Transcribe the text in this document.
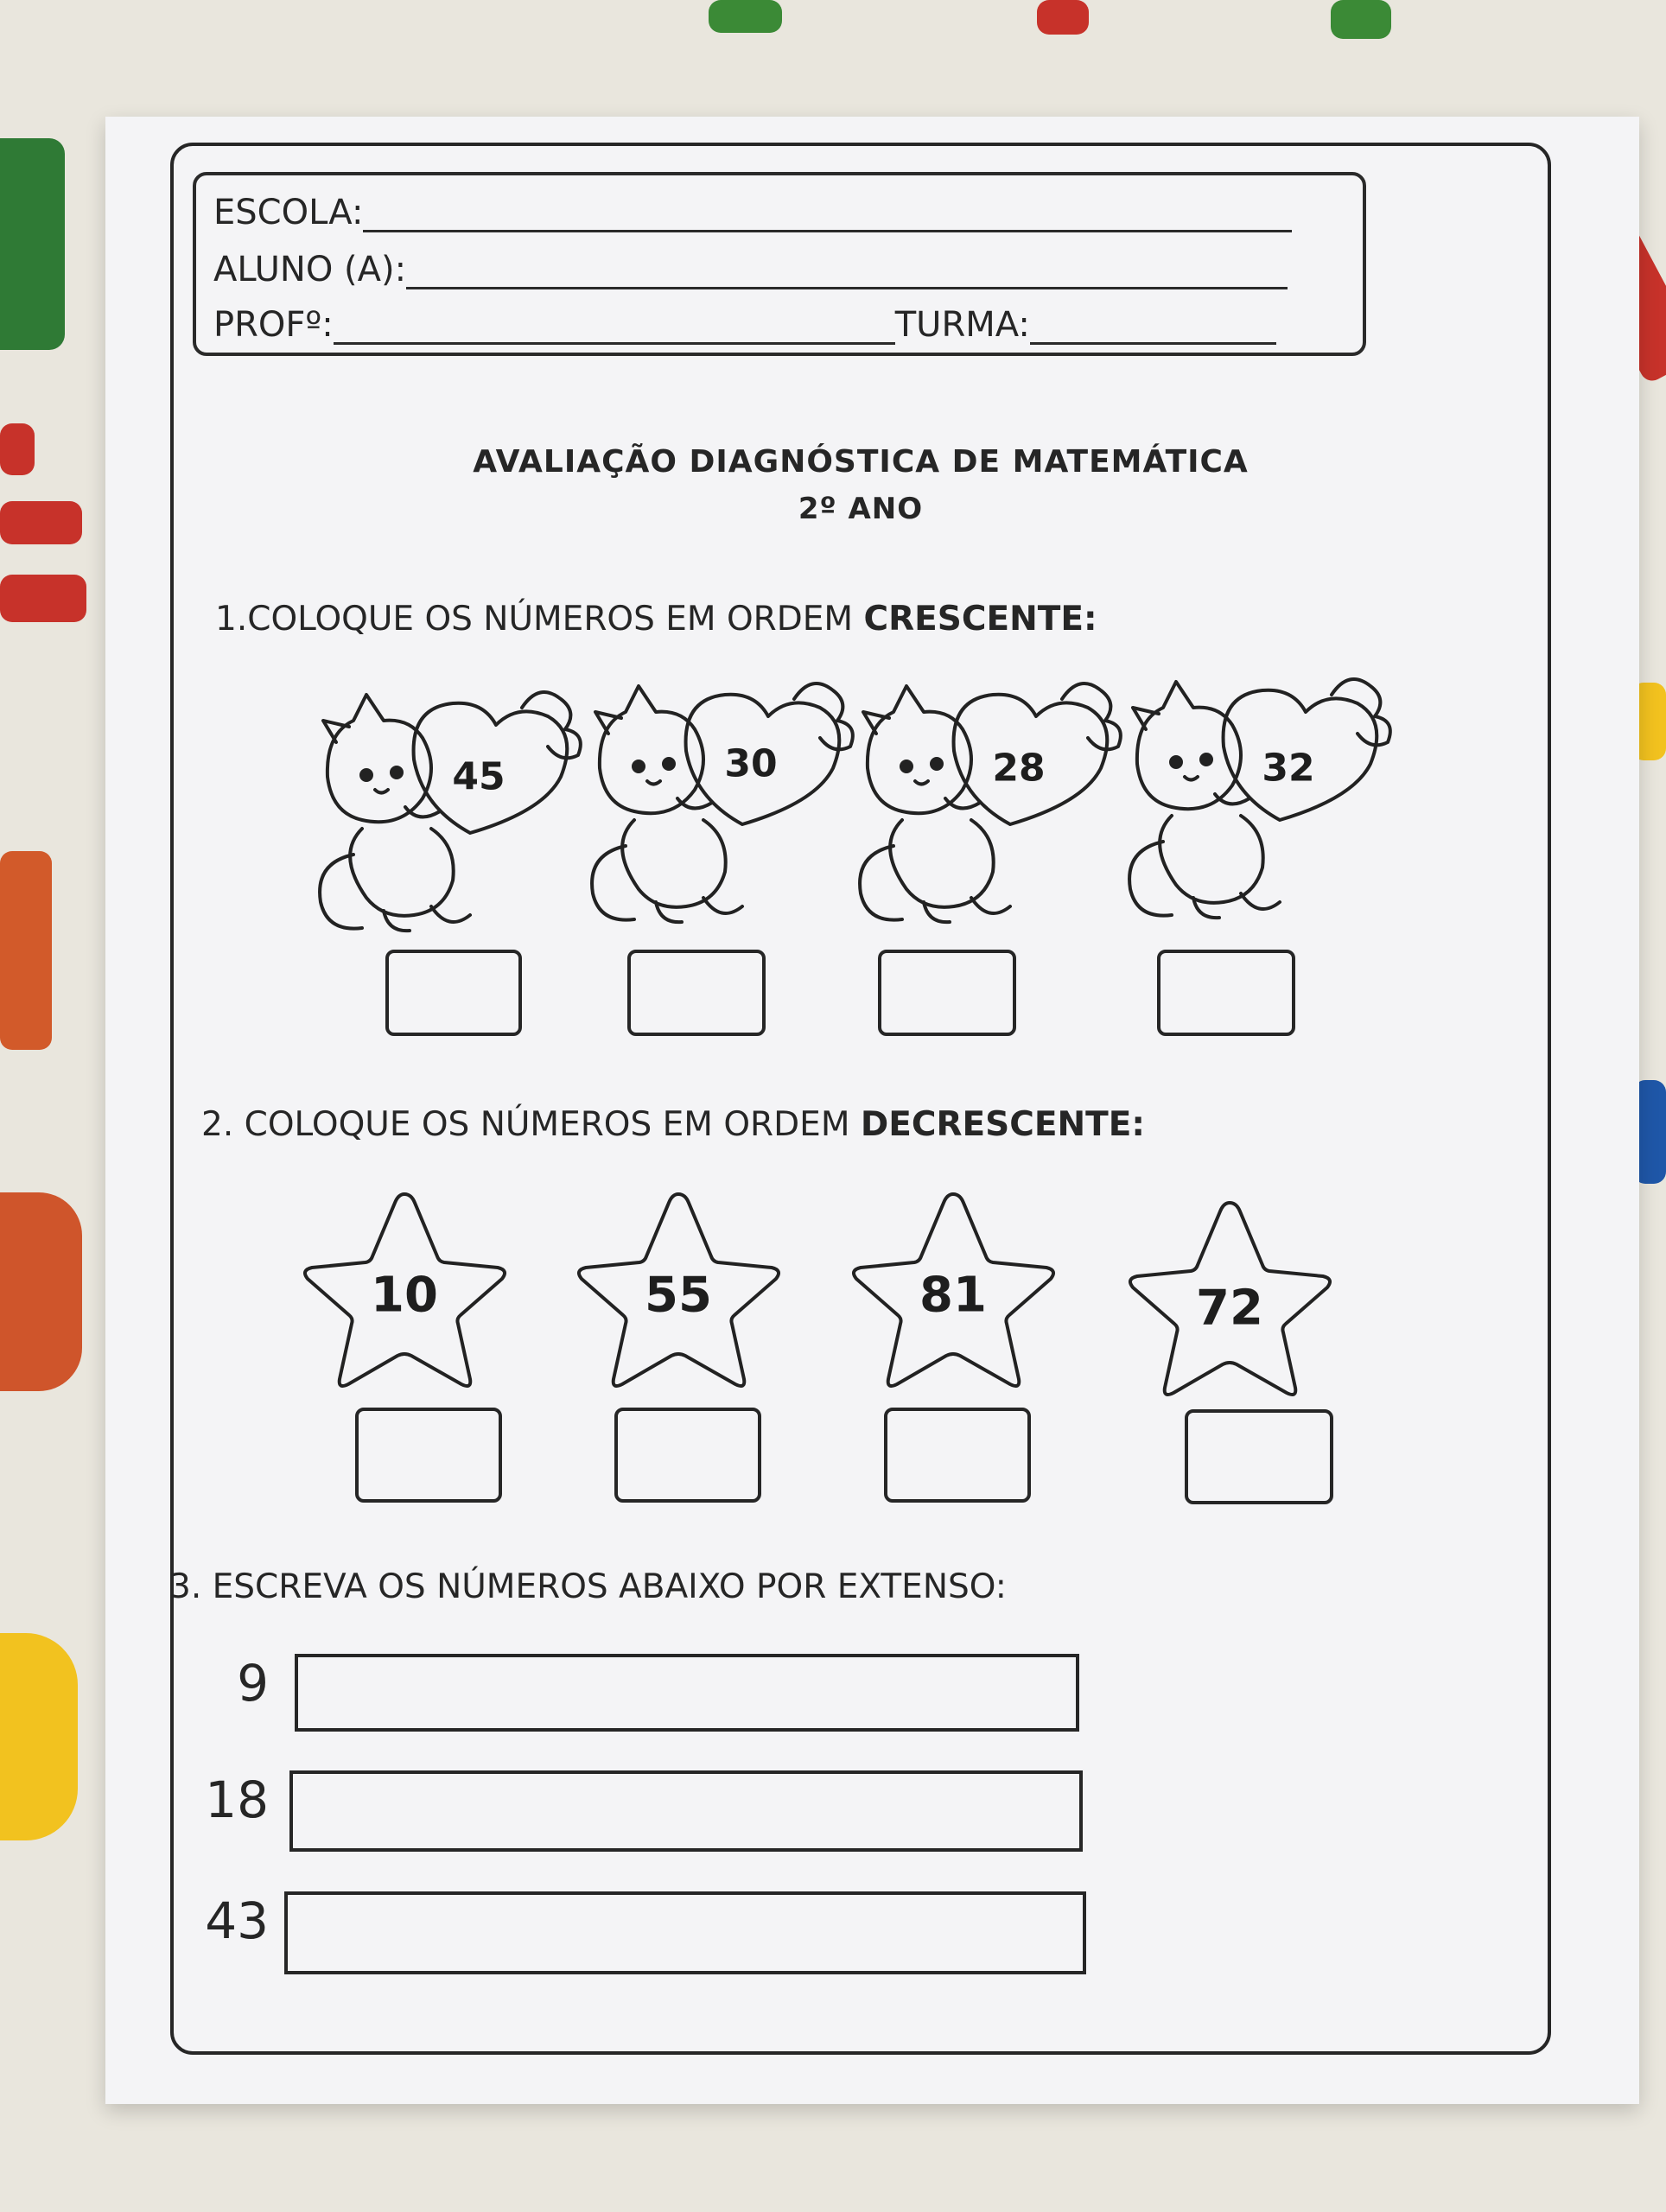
ESCOLA:
ALUNO (A):
PROFº:	TURMA:
AVALIAÇÃO DIAGNÓSTICA DE MATEMÁTICA
2º ANO
1.COLOQUE OS NÚMEROS EM ORDEM CRESCENTE:
45	30	28	32
2. COLOQUE OS NÚMEROS EM ORDEM DECRESCENTE:
10	55	81	72
3. ESCREVA OS NÚMEROS ABAIXO POR EXTENSO:
9
18
43
